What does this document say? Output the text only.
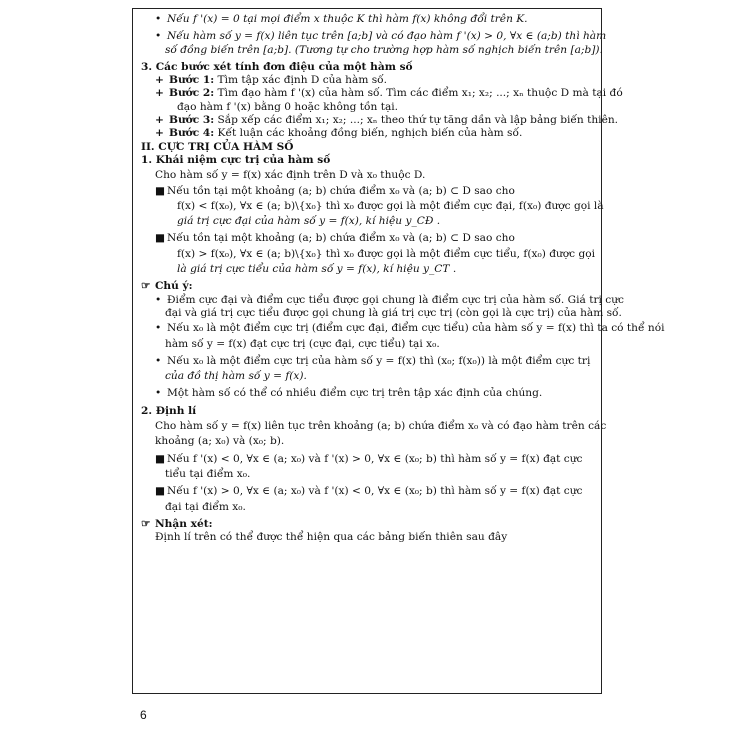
• Nếu f '(x) = 0 tại mọi điểm x thuộc K thì hàm f(x) không đổi trên K.
• Nếu hàm số y = f(x) liên tục trên [a;b] và có đạo hàm f '(x) > 0, ∀x ∈ (a;b) thì hàm
số đồng biến trên [a;b]. (Tương tự cho trường hợp hàm số nghịch biến trên [a;b]).
3. Các bước xét tính đơn điệu của một hàm số
+ Bước 1: Tìm tập xác định D của hàm số.
+ Bước 2: Tìm đạo hàm f '(x) của hàm số. Tìm các điểm x₁; x₂; ...; xₙ thuộc D mà tại đó
đạo hàm f '(x) bằng 0 hoặc không tồn tại.
+ Bước 3: Sắp xếp các điểm x₁; x₂; ...; xₙ theo thứ tự tăng dần và lập bảng biến thiên.
+ Bước 4: Kết luận các khoảng đồng biến, nghịch biến của hàm số.
II. CỰC TRỊ CỦA HÀM SỐ
1. Khái niệm cực trị của hàm số
Cho hàm số y = f(x) xác định trên D và x₀ thuộc D.
■ Nếu tồn tại một khoảng (a; b) chứa điểm x₀ và (a; b) ⊂ D sao cho
f(x) < f(x₀), ∀x ∈ (a; b)\{x₀} thì x₀ được gọi là một điểm cực đại, f(x₀) được gọi là
giá trị cực đại của hàm số y = f(x), kí hiệu y_CĐ .
■ Nếu tồn tại một khoảng (a; b) chứa điểm x₀ và (a; b) ⊂ D sao cho
f(x) > f(x₀), ∀x ∈ (a; b)\{x₀} thì x₀ được gọi là một điểm cực tiểu, f(x₀) được gọi
là giá trị cực tiểu của hàm số y = f(x), kí hiệu y_CT .
☞ Chú ý:
• Điểm cực đại và điểm cực tiểu được gọi chung là điểm cực trị của hàm số. Giá trị cực
đại và giá trị cực tiểu được gọi chung là giá trị cực trị (còn gọi là cực trị) của hàm số.
• Nếu x₀ là một điểm cực trị (điểm cực đại, điểm cực tiểu) của hàm số y = f(x) thì ta có thể nói
hàm số y = f(x) đạt cực trị (cực đại, cực tiểu) tại x₀.
• Nếu x₀ là một điểm cực trị của hàm số y = f(x) thì (x₀; f(x₀)) là một điểm cực trị
của đồ thị hàm số y = f(x).
• Một hàm số có thể có nhiều điểm cực trị trên tập xác định của chúng.
2. Định lí
Cho hàm số y = f(x) liên tục trên khoảng (a; b) chứa điểm x₀ và có đạo hàm trên các
khoảng (a; x₀) và (x₀; b).
■ Nếu f '(x) < 0, ∀x ∈ (a; x₀) và f '(x) > 0, ∀x ∈ (x₀; b) thì hàm số y = f(x) đạt cực
tiểu tại điểm x₀.
■ Nếu f '(x) > 0, ∀x ∈ (a; x₀) và f '(x) < 0, ∀x ∈ (x₀; b) thì hàm số y = f(x) đạt cực
đại tại điểm x₀.
☞ Nhận xét:
Định lí trên có thể được thể hiện qua các bảng biến thiên sau đây
6
